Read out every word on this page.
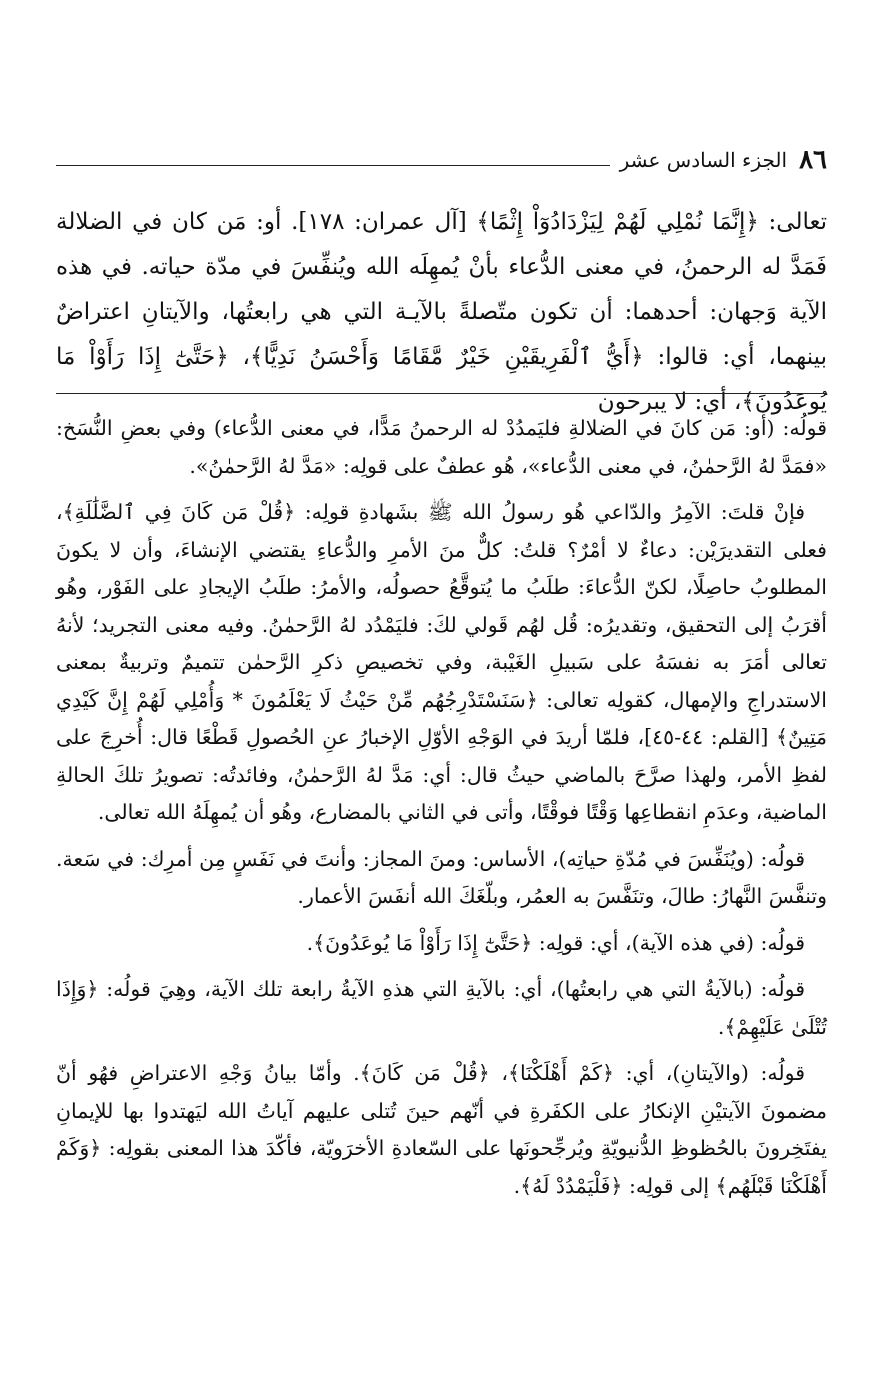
٨٦
الجزء السادس عشر

تعالى: ﴿إِنَّمَا نُمْلِي لَهُمْ لِيَزْدَادُوٓاْ إِثْمًا﴾ [آل عمران: ١٧٨]. أو: مَن كان في الضلالة فَمَدَّ له الرحمنُ، في معنى الدُّعاء بأنْ يُمهِلَه الله ويُنفِّسَ في مدّة حياته. في هذه الآية وَجهان: أحدهما: أن تكون متّصلةً بالآيـة التي هي رابعتُها، والآيتانِ اعتراضٌ بينهما، أي: قالوا: ﴿أَيُّ ٱلْفَرِيقَيْنِ خَيْرٌ مَّقَامًا وَأَحْسَنُ نَدِيًّا﴾، ﴿حَتَّىٰٓ إِذَا رَأَوْاْ مَا يُوعَدُونَ﴾، أي: لا يبرحون

قولُه: (أو: مَن كانَ في الضلالةِ فليَمدُدْ له الرحمنُ مَدًّا، في معنى الدُّعاء) وفي بعضِ النُّسَخ: «فمَدَّ لهُ الرَّحمٰنُ، في معنى الدُّعاء»، هُو عطفٌ على قولِه: «مَدَّ لهُ الرَّحمٰنُ».

فإنْ قلتَ: الآمِرُ والدّاعي هُو رسولُ الله ﷺ بشَهادةِ قولِه: ﴿قُلْ مَن كَانَ فِي ٱلضَّلَٰلَةِ﴾، فعلى التقديرَيْن: دعاءٌ لا أمْرٌ؟ قلتُ: كلٌّ منَ الأمرِ والدُّعاءِ يقتضي الإنشاءَ، وأن لا يكونَ المطلوبُ حاصِلًا، لكنّ الدُّعاءَ: طلَبُ ما يُتوقَّعُ حصولُه، والأمرُ: طلَبُ الإيجادِ على الفَوْر، وهُو أقرَبُ إلى التحقيق، وتقديرُه: قُل لهُم قَولي لكَ: فليَمْدُد لهُ الرَّحمٰنُ. وفيه معنى التجريد؛ لأنهُ تعالى أمَرَ به نفسَهُ على سَبيلِ الغَيْبة، وفي تخصيصِ ذكرِ الرَّحمٰن تتميمٌ وتربيةٌ بمعنى الاستدراجِ والإمهال، كقولِه تعالى: ﴿سَنَسْتَدْرِجُهُم مِّنْ حَيْثُ لَا يَعْلَمُونَ * وَأُمْلِي لَهُمْ إِنَّ كَيْدِي مَتِينٌ﴾ [القلم: ٤٤-٤٥]، فلمّا أريدَ في الوَجْهِ الأوّلِ الإخبارُ عنِ الحُصولِ قَطْعًا قال: أُخرِجَ على لفظِ الأمر، ولهذا صرَّحَ بالماضي حيثُ قال: أي: مَدَّ لهُ الرَّحمٰنُ، وفائدتُه: تصويرُ تلكَ الحالةِ الماضية، وعدَمِ انقطاعِها وَقْتًا فوقْتًا، وأتى في الثاني بالمضارع، وهُو أن يُمهِلَهُ الله تعالى.

قولُه: (ويُنَفِّسَ في مُدّةِ حياتِه)، الأساس: ومنَ المجاز: وأنتَ في نَفَسٍ مِن أمرِك: في سَعة. وتنفَّسَ النَّهارُ: طالَ، وتنَفَّسَ به العمُر، وبلّغَكَ الله أنفَسَ الأعمار.

قولُه: (في هذه الآية)، أي: قولِه: ﴿حَتَّىٰٓ إِذَا رَأَوْاْ مَا يُوعَدُونَ﴾.

قولُه: (بالآيةُ التي هي رابعتُها)، أي: بالآيةِ التي هذهِ الآيةُ رابعة تلك الآية، وهِيَ قولُه: ﴿وَإِذَا تُتْلَىٰ عَلَيْهِمْ﴾.

قولُه: (والآيتانِ)، أي: ﴿كَمْ أَهْلَكْنَا﴾، ﴿قُلْ مَن كَانَ﴾. وأمّا بيانُ وَجْهِ الاعتراضِ فهُو أنّ مضمونَ الآيتيْنِ الإنكارُ على الكفَرةِ في أنّهم حينَ تُتلى عليهم آياتُ الله ليَهتدوا بها للإيمانِ يفتَخِرونَ بالحُظوظِ الدُّنيويّةِ ويُرجِّحونَها على السّعادةِ الأخرَويّة، فأكّدَ هذا المعنى بقولِه: ﴿وَكَمْ أَهْلَكْنَا قَبْلَهُم﴾ إلى قولِه: ﴿فَلْيَمْدُدْ لَهُ﴾.
